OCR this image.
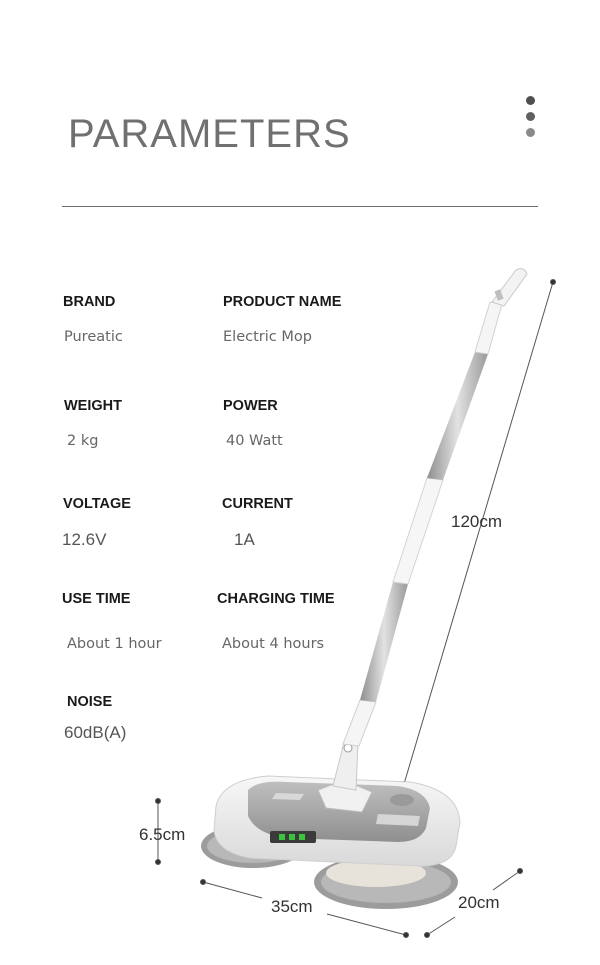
PARAMETERS
BRAND
Pureatic
PRODUCT NAME
Electric Mop
WEIGHT
2 kg
POWER
40 Watt
VOLTAGE
12.6V
CURRENT
1A
USE TIME
About 1 hour
CHARGING TIME
About 4 hours
NOISE
60dB(A)
120cm
6.5cm
35cm	20cm
